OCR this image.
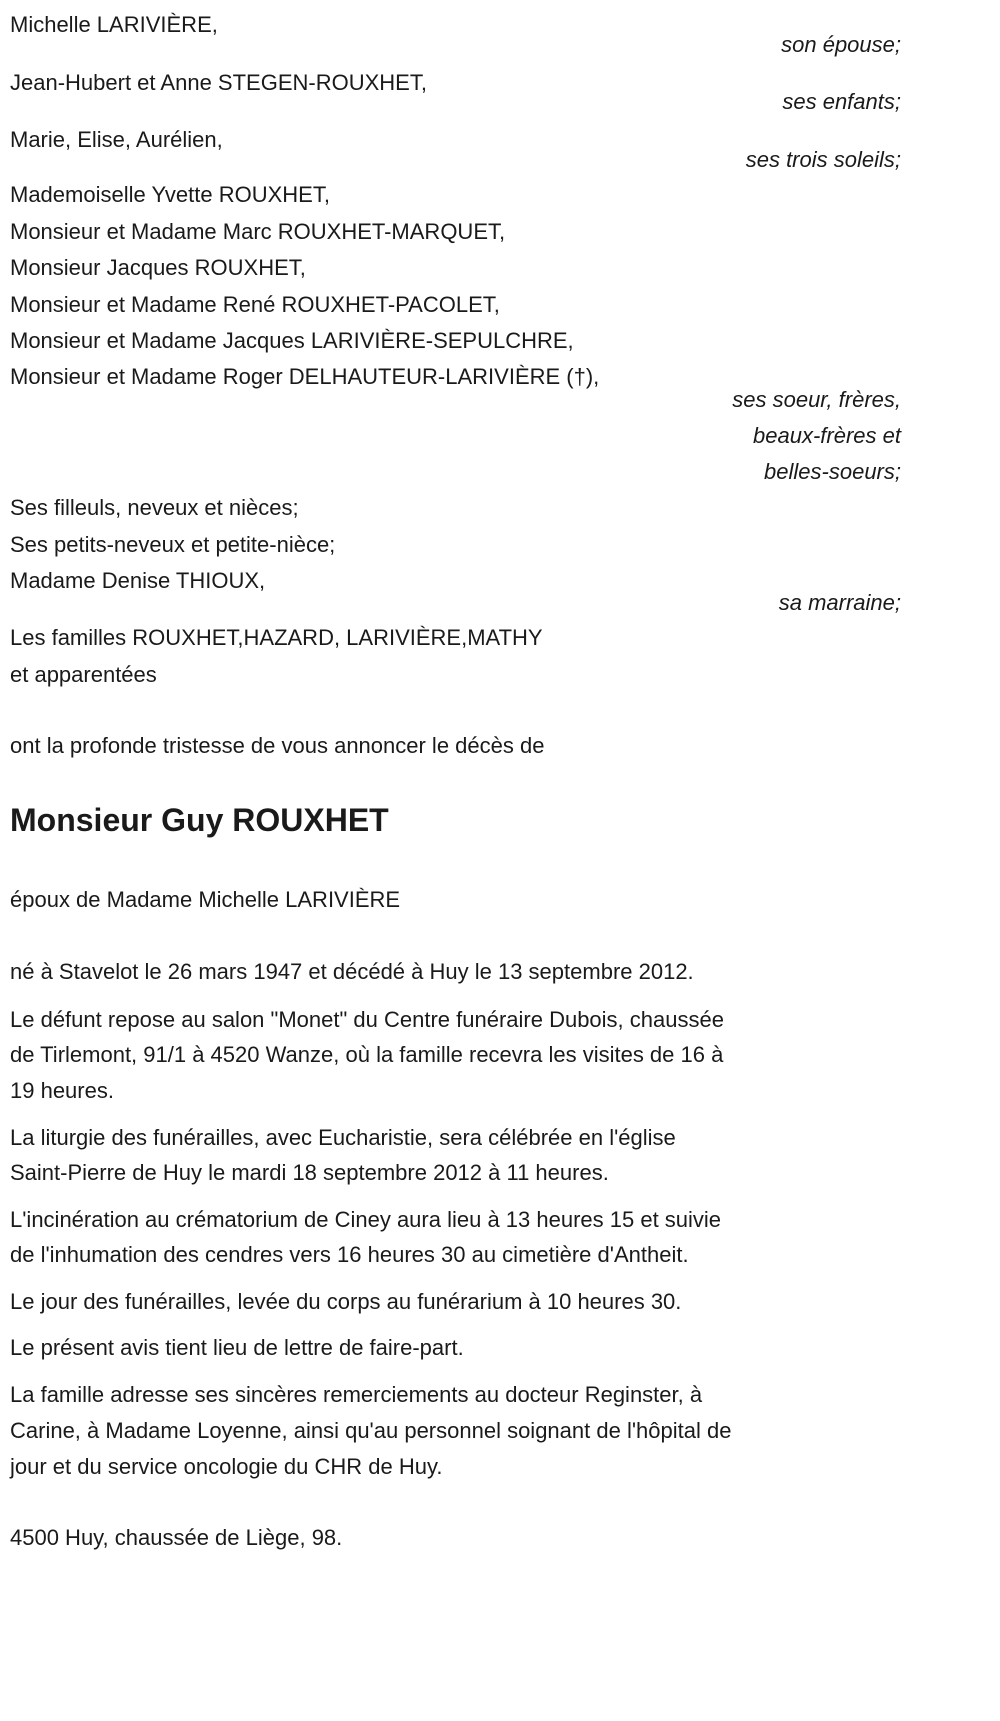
Michelle LARIVIÈRE,
son épouse;
Jean-Hubert et Anne STEGEN-ROUXHET,
ses enfants;
Marie, Elise, Aurélien,
ses trois soleils;
Mademoiselle Yvette ROUXHET,
Monsieur et Madame Marc ROUXHET-MARQUET,
Monsieur Jacques ROUXHET,
Monsieur et Madame René ROUXHET-PACOLET,
Monsieur et Madame Jacques LARIVIÈRE-SEPULCHRE,
Monsieur et Madame Roger DELHAUTEUR-LARIVIÈRE (†),
ses soeur, frères,
beaux-frères et
belles-soeurs;
Ses filleuls, neveux et nièces;
Ses petits-neveux et petite-nièce;
Madame Denise THIOUX,
sa marraine;
Les familles ROUXHET,HAZARD, LARIVIÈRE,MATHY
et apparentées
ont la profonde tristesse de vous annoncer le décès de
Monsieur Guy ROUXHET
époux de Madame Michelle LARIVIÈRE
né à Stavelot le 26 mars 1947 et décédé à Huy le 13 septembre 2012.
Le défunt repose au salon "Monet" du Centre funéraire Dubois, chaussée
de Tirlemont, 91/1 à 4520 Wanze, où la famille recevra les visites de 16 à
19 heures.
La liturgie des funérailles, avec Eucharistie, sera célébrée en l'église
Saint-Pierre de Huy le mardi 18 septembre 2012 à 11 heures.
L'incinération au crématorium de Ciney aura lieu à 13 heures 15 et suivie
de l'inhumation des cendres vers 16 heures 30 au cimetière d'Antheit.
Le jour des funérailles, levée du corps au funérarium à 10 heures 30.
Le présent avis tient lieu de lettre de faire-part.
La famille adresse ses sincères remerciements au docteur Reginster, à
Carine, à Madame Loyenne, ainsi qu'au personnel soignant de l'hôpital de
jour et du service oncologie du CHR de Huy.
4500 Huy, chaussée de Liège, 98.
